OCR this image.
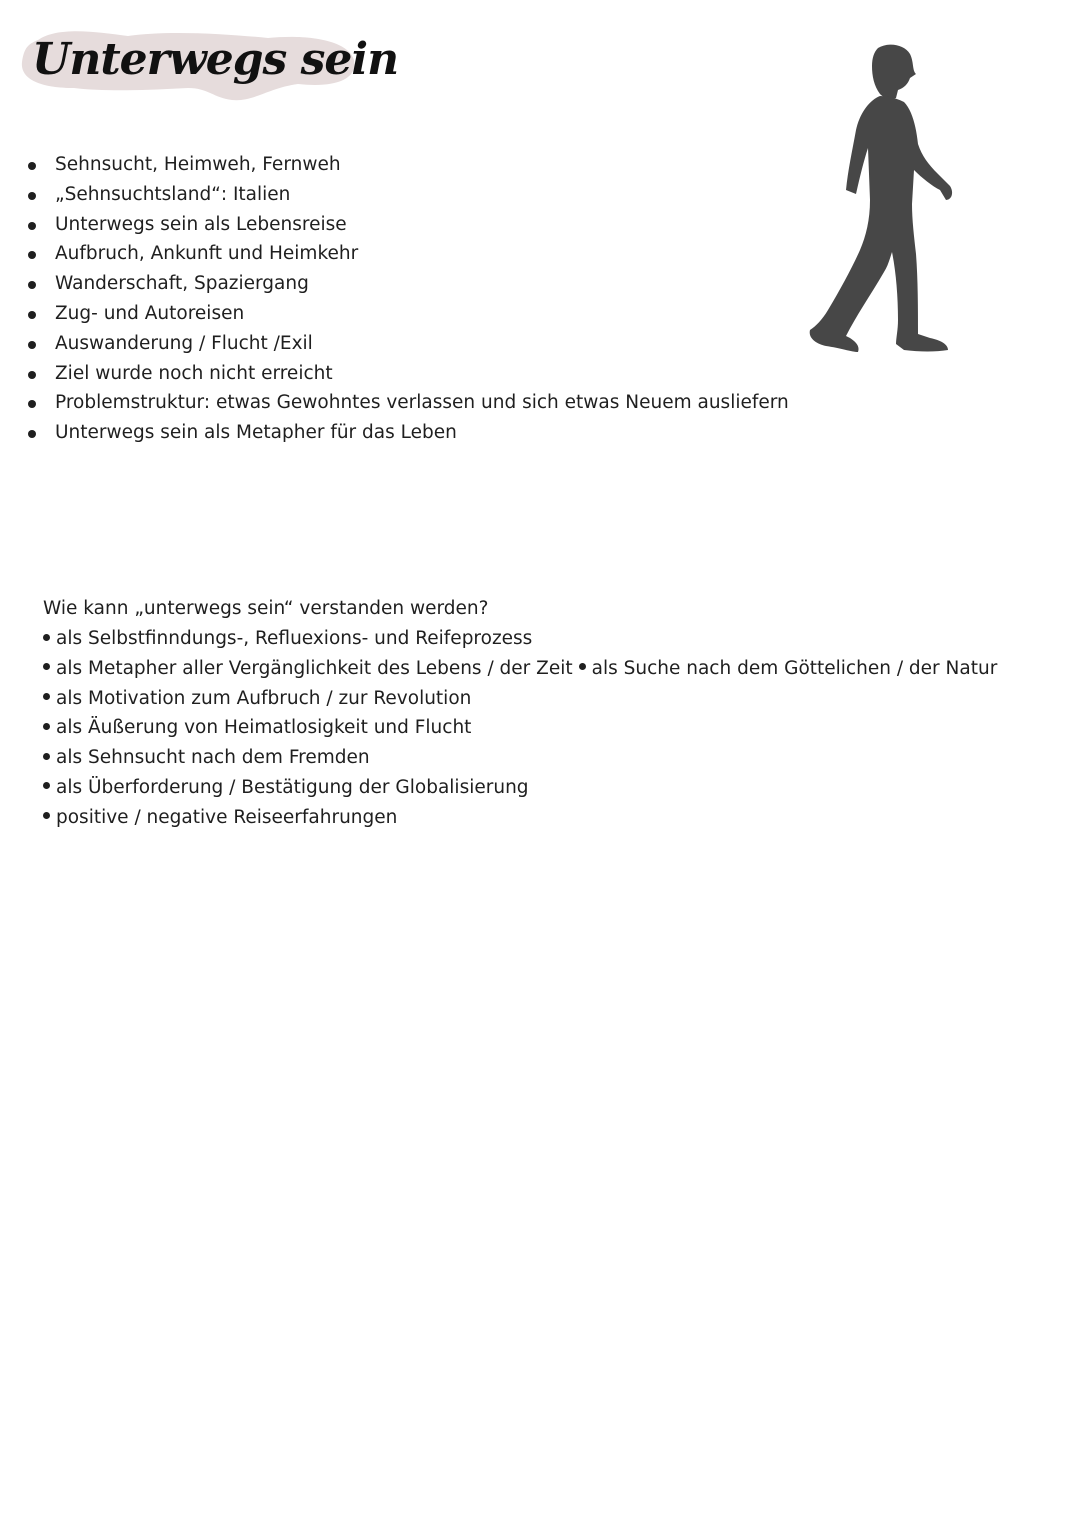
Unterwegs sein
Sehnsucht, Heimweh, Fernweh
„Sehnsuchtsland“: Italien
Unterwegs sein als Lebensreise
Aufbruch, Ankunft und Heimkehr
Wanderschaft, Spaziergang
Zug- und Autoreisen
Auswanderung / Flucht /Exil
Ziel wurde noch nicht erreicht
Problemstruktur: etwas Gewohntes verlassen und sich etwas Neuem ausliefern
Unterwegs sein als Metapher für das Leben

Wie kann „unterwegs sein“ verstanden werden?

als Selbstfinndungs-, Refluexions- und Reifeprozess
als Metapher aller Vergänglichkeit des Lebens / der Zeit als Suche nach dem Göttelichen / der Natur
als Motivation zum Aufbruch / zur Revolution
als Äußerung von Heimatlosigkeit und Flucht
als Sehnsucht nach dem Fremden
als Überforderung / Bestätigung der Globalisierung
positive / negative Reiseerfahrungen
